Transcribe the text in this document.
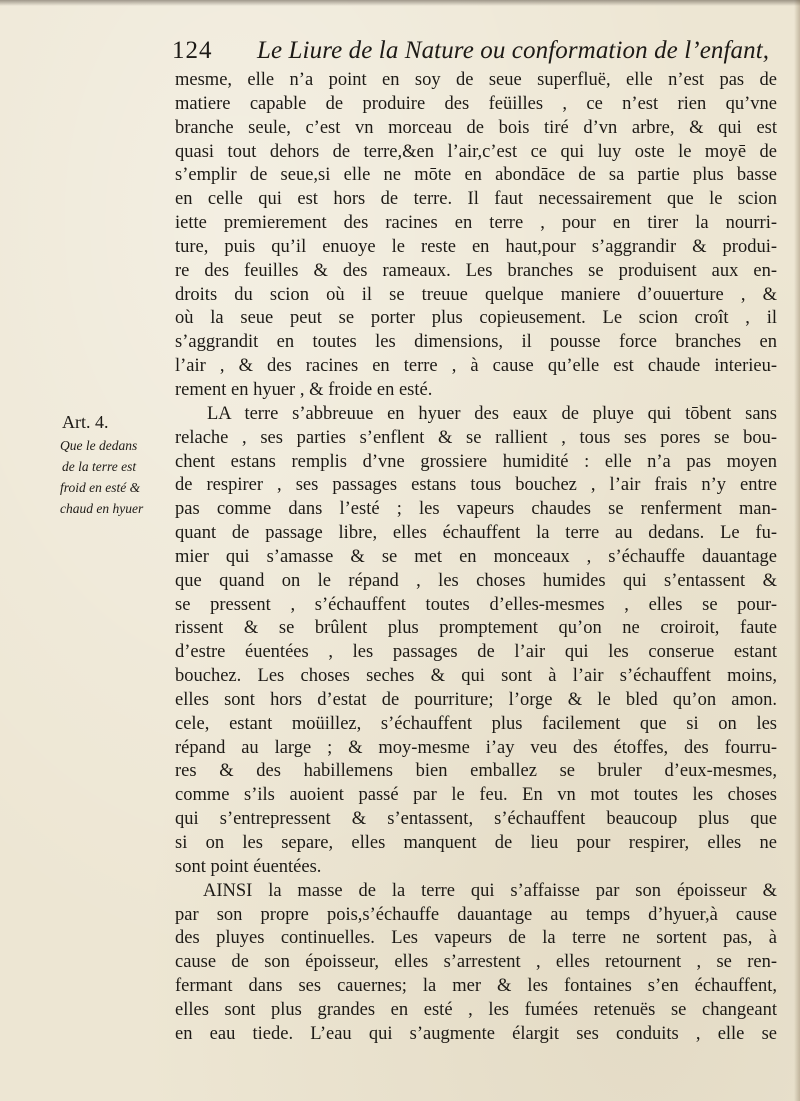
124 Le Liure de la Nature ou conformation de l’enfant,
Art. 4.
Que le dedans
de la terre est
froid en esté &
chaud en hyuer
mesme, elle n’a point en soy de seue superfluë, elle n’est pas de
matiere capable de produire des feüilles , ce n’est rien qu’vne
branche seule, c’est vn morceau de bois tiré d’vn arbre, & qui est
quasi tout dehors de terre,&en l’air,c’est ce qui luy oste le moyē de
s’emplir de seue,si elle ne mōte en abondāce de sa partie plus basse
en celle qui est hors de terre. Il faut necessairement que le scion
iette premierement des racines en terre , pour en tirer la nourri-
ture, puis qu’il enuoye le reste en haut,pour s’aggrandir & produi-
re des feuilles & des rameaux. Les branches se produisent aux en-
droits du scion où il se treuue quelque maniere d’ouuerture , &
où la seue peut se porter plus copieusement. Le scion croît , il
s’aggrandit en toutes les dimensions, il pousse force branches en
l’air , & des racines en terre , à cause qu’elle est chaude interieu-
rement en hyuer , & froide en esté.
LA terre s’abbreuue en hyuer des eaux de pluye qui tōbent sans
relache , ses parties s’enflent & se rallient , tous ses pores se bou-
chent estans remplis d’vne grossiere humidité : elle n’a pas moyen
de respirer , ses passages estans tous bouchez , l’air frais n’y entre
pas comme dans l’esté ; les vapeurs chaudes se renferment man-
quant de passage libre, elles échauffent la terre au dedans. Le fu-
mier qui s’amasse & se met en monceaux , s’échauffe dauantage
que quand on le répand , les choses humides qui s’entassent &
se pressent , s’échauffent toutes d’elles-mesmes , elles se pour-
rissent & se brûlent plus promptement qu’on ne croiroit, faute
d’estre éuentées , les passages de l’air qui les conserue estant
bouchez. Les choses seches & qui sont à l’air s’échauffent moins,
elles sont hors d’estat de pourriture; l’orge & le bled qu’on amon.
cele, estant moüillez, s’échauffent plus facilement que si on les
répand au large ; & moy-mesme i’ay veu des étoffes, des fourru-
res & des habillemens bien emballez se bruler d’eux-mesmes,
comme s’ils auoient passé par le feu. En vn mot toutes les choses
qui s’entrepressent & s’entassent, s’échauffent beaucoup plus que
si on les separe, elles manquent de lieu pour respirer, elles ne
sont point éuentées.
AINSI la masse de la terre qui s’affaisse par son époisseur &
par son propre pois,s’échauffe dauantage au temps d’hyuer,à cause
des pluyes continuelles. Les vapeurs de la terre ne sortent pas, à
cause de son époisseur, elles s’arrestent , elles retournent , se ren-
fermant dans ses cauernes; la mer & les fontaines s’en échauffent,
elles sont plus grandes en esté , les fumées retenuës se changeant
en eau tiede. L’eau qui s’augmente élargit ses conduits , elle se
